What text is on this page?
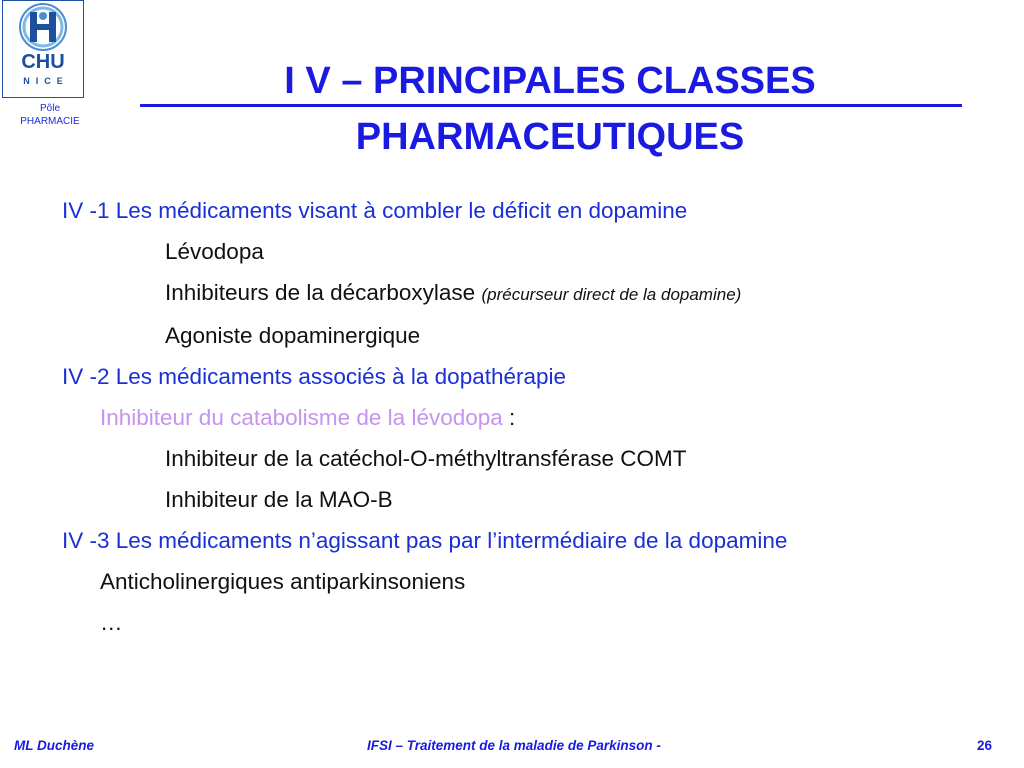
CHU
NICE
Pôle
PHARMACIE
I V – PRINCIPALES CLASSES
PHARMACEUTIQUES
IV -1 Les médicaments visant à combler le déficit en dopamine
Lévodopa
Inhibiteurs de la décarboxylase (précurseur direct de la dopamine)
Agoniste dopaminergique
IV -2 Les médicaments associés à la dopathérapie
Inhibiteur du catabolisme de la lévodopa :
Inhibiteur de la catéchol-O-méthyltransférase COMT
Inhibiteur de la MAO-B
IV -3 Les médicaments n’agissant pas par l’intermédiaire de la dopamine
Anticholinergiques antiparkinsoniens
…
ML Duchène	IFSI – Traitement de la maladie de Parkinson -	26
